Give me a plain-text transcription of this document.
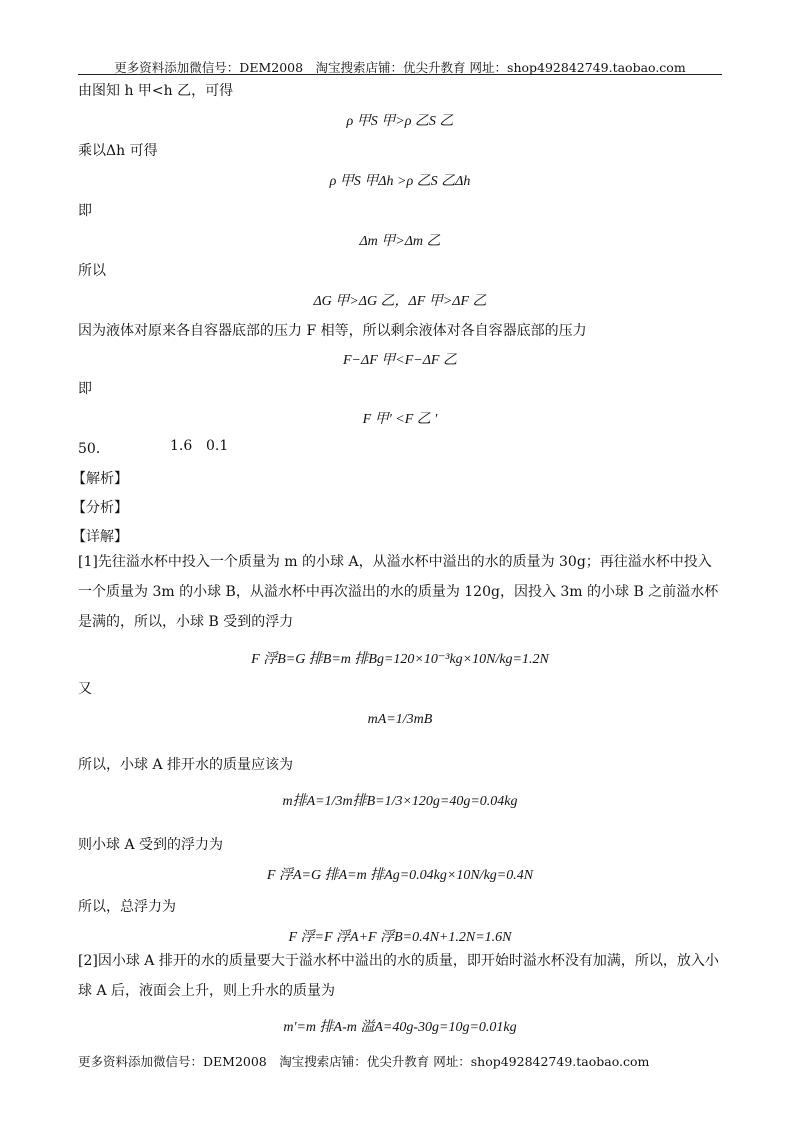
更多资料添加微信号：DEM2008　淘宝搜索店铺：优尖升教育 网址：shop492842749.taobao.com
由图知 h 甲<h 乙，可得
ρ 甲S 甲>ρ 乙S 乙
乘以Δh 可得
ρ 甲S 甲Δh >ρ 乙S 乙Δh
即
Δm 甲>Δm 乙
所以
ΔG 甲>ΔG 乙，ΔF 甲>ΔF 乙
因为液体对原来各自容器底部的压力 F 相等，所以剩余液体对各自容器底部的压力
F−ΔF 甲<F−ΔF 乙
即
F 甲′ <F 乙 ′
50．	1.6 0.1
【解析】
【分析】
【详解】
[1]先往溢水杯中投入一个质量为 m 的小球 A，从溢水杯中溢出的水的质量为 30g；再往溢水杯中投入一个质量为 3m 的小球 B，从溢水杯中再次溢出的水的质量为 120g，因投入 3m 的小球 B 之前溢水杯是满的，所以，小球 B 受到的浮力
F 浮B=G 排B=m 排Bg=120×10⁻³kg×10N/kg=1.2N
又
mA=1/3mB
所以，小球 A 排开水的质量应该为
m排A=1/3m排B=1/3×120g=40g=0.04kg
则小球 A 受到的浮力为
F 浮A=G 排A=m 排Ag=0.04kg×10N/kg=0.4N
所以，总浮力为
F 浮=F 浮A+F 浮B=0.4N+1.2N=1.6N
[2]因小球 A 排开的水的质量要大于溢水杯中溢出的水的质量，即开始时溢水杯没有加满，所以，放入小球 A 后，液面会上升，则上升水的质量为
m'=m 排A-m 溢A=40g-30g=10g=0.01kg
更多资料添加微信号：DEM2008　淘宝搜索店铺：优尖升教育 网址：shop492842749.taobao.com
